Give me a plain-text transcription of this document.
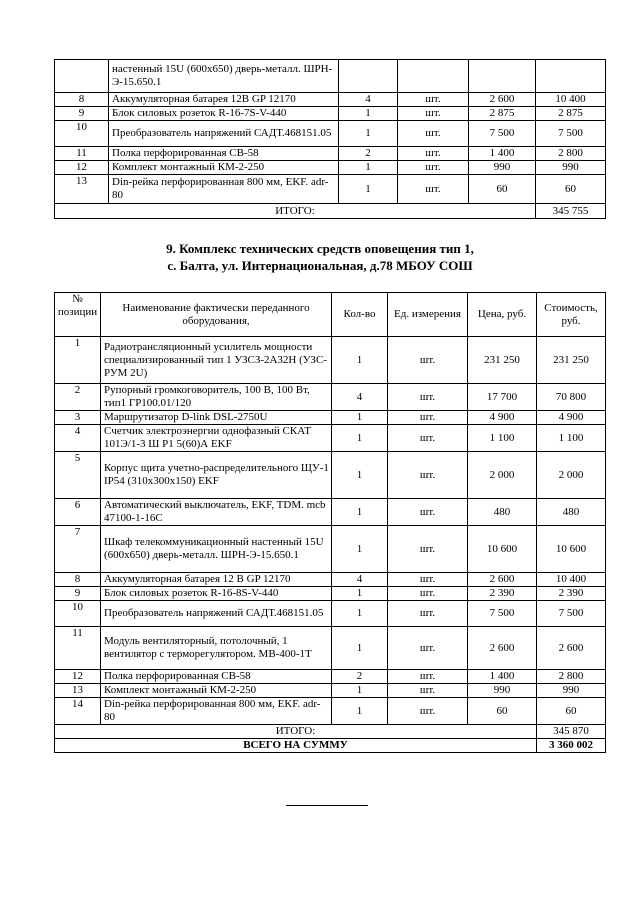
	настенный 15U (600х650) дверь-металл. ШРН-Э-15.650.1				
8	Аккумуляторная батарея 12В GP 12170	4	шт.	2 600	10 400
9	Блок силовых розеток R-16-7S-V-440	1	шт.	2 875	2 875
10	Преобразователь напряжений САДТ.468151.05	1	шт.	7 500	7 500
11	Полка перфорированная СВ-58	2	шт.	1 400	2 800
12	Комплект монтажный КМ-2-250	1	шт.	990	990
13	Din-рейка перфорированная 800 мм, EKF. adr-80	1	шт.	60	60
ИТОГО:					345 755
9. Комплекс технических средств оповещения тип 1,
с. Балта, ул. Интернациональная, д.78 МБОУ СОШ
№ позиции	Наименование фактически переданного оборудования,	Кол-во	Ед. измерения	Цена, руб.	Стоимость, руб.
1	Радиотрансляционный усилитель мощности специализированный тип 1 УЗСЗ-2А32Н (УЗС-РУМ 2U)	1	шт.	231 250	231 250
2	Рупорный громкоговоритель, 100 В, 100 Вт, тип1 ГР100.01/120	4	шт.	17 700	70 800
3	Маршрутизатор D-link DSL-2750U	1	шт.	4 900	4 900
4	Счетчик электроэнергии однофазный СКАТ 101Э/1-3 Ш Р1 5(60)А EKF	1	шт.	1 100	1 100
5	Корпус щита учетно-распределительного ЩУ-1 IP54 (310х300х150) EKF	1	шт.	2 000	2 000
6	Автоматический выключатель, EKF, TDM. mcb 47100-1-16C	1	шт.	480	480
7	Шкаф телекоммуникационный настенный 15U (600х650) дверь-металл. ШРН-Э-15.650.1	1	шт.	10 600	10 600
8	Аккумуляторная батарея 12 В GP 12170	4	шт.	2 600	10 400
9	Блок силовых розеток R-16-8S-V-440	1	шт.	2 390	2 390
10	Преобразователь напряжений САДТ.468151.05	1	шт.	7 500	7 500
11	Модуль вентиляторный, потолочный, 1 вентилятор с терморегулятором. МВ-400-1Т	1	шт.	2 600	2 600
12	Полка перфорированная СВ-58	2	шт.	1 400	2 800
13	Комплект монтажный КМ-2-250	1	шт.	990	990
14	Din-рейка перфорированная 800 мм, EKF. adr-80	1	шт.	60	60
ИТОГО:					345 870
ВСЕГО НА СУММУ					3 360 002
